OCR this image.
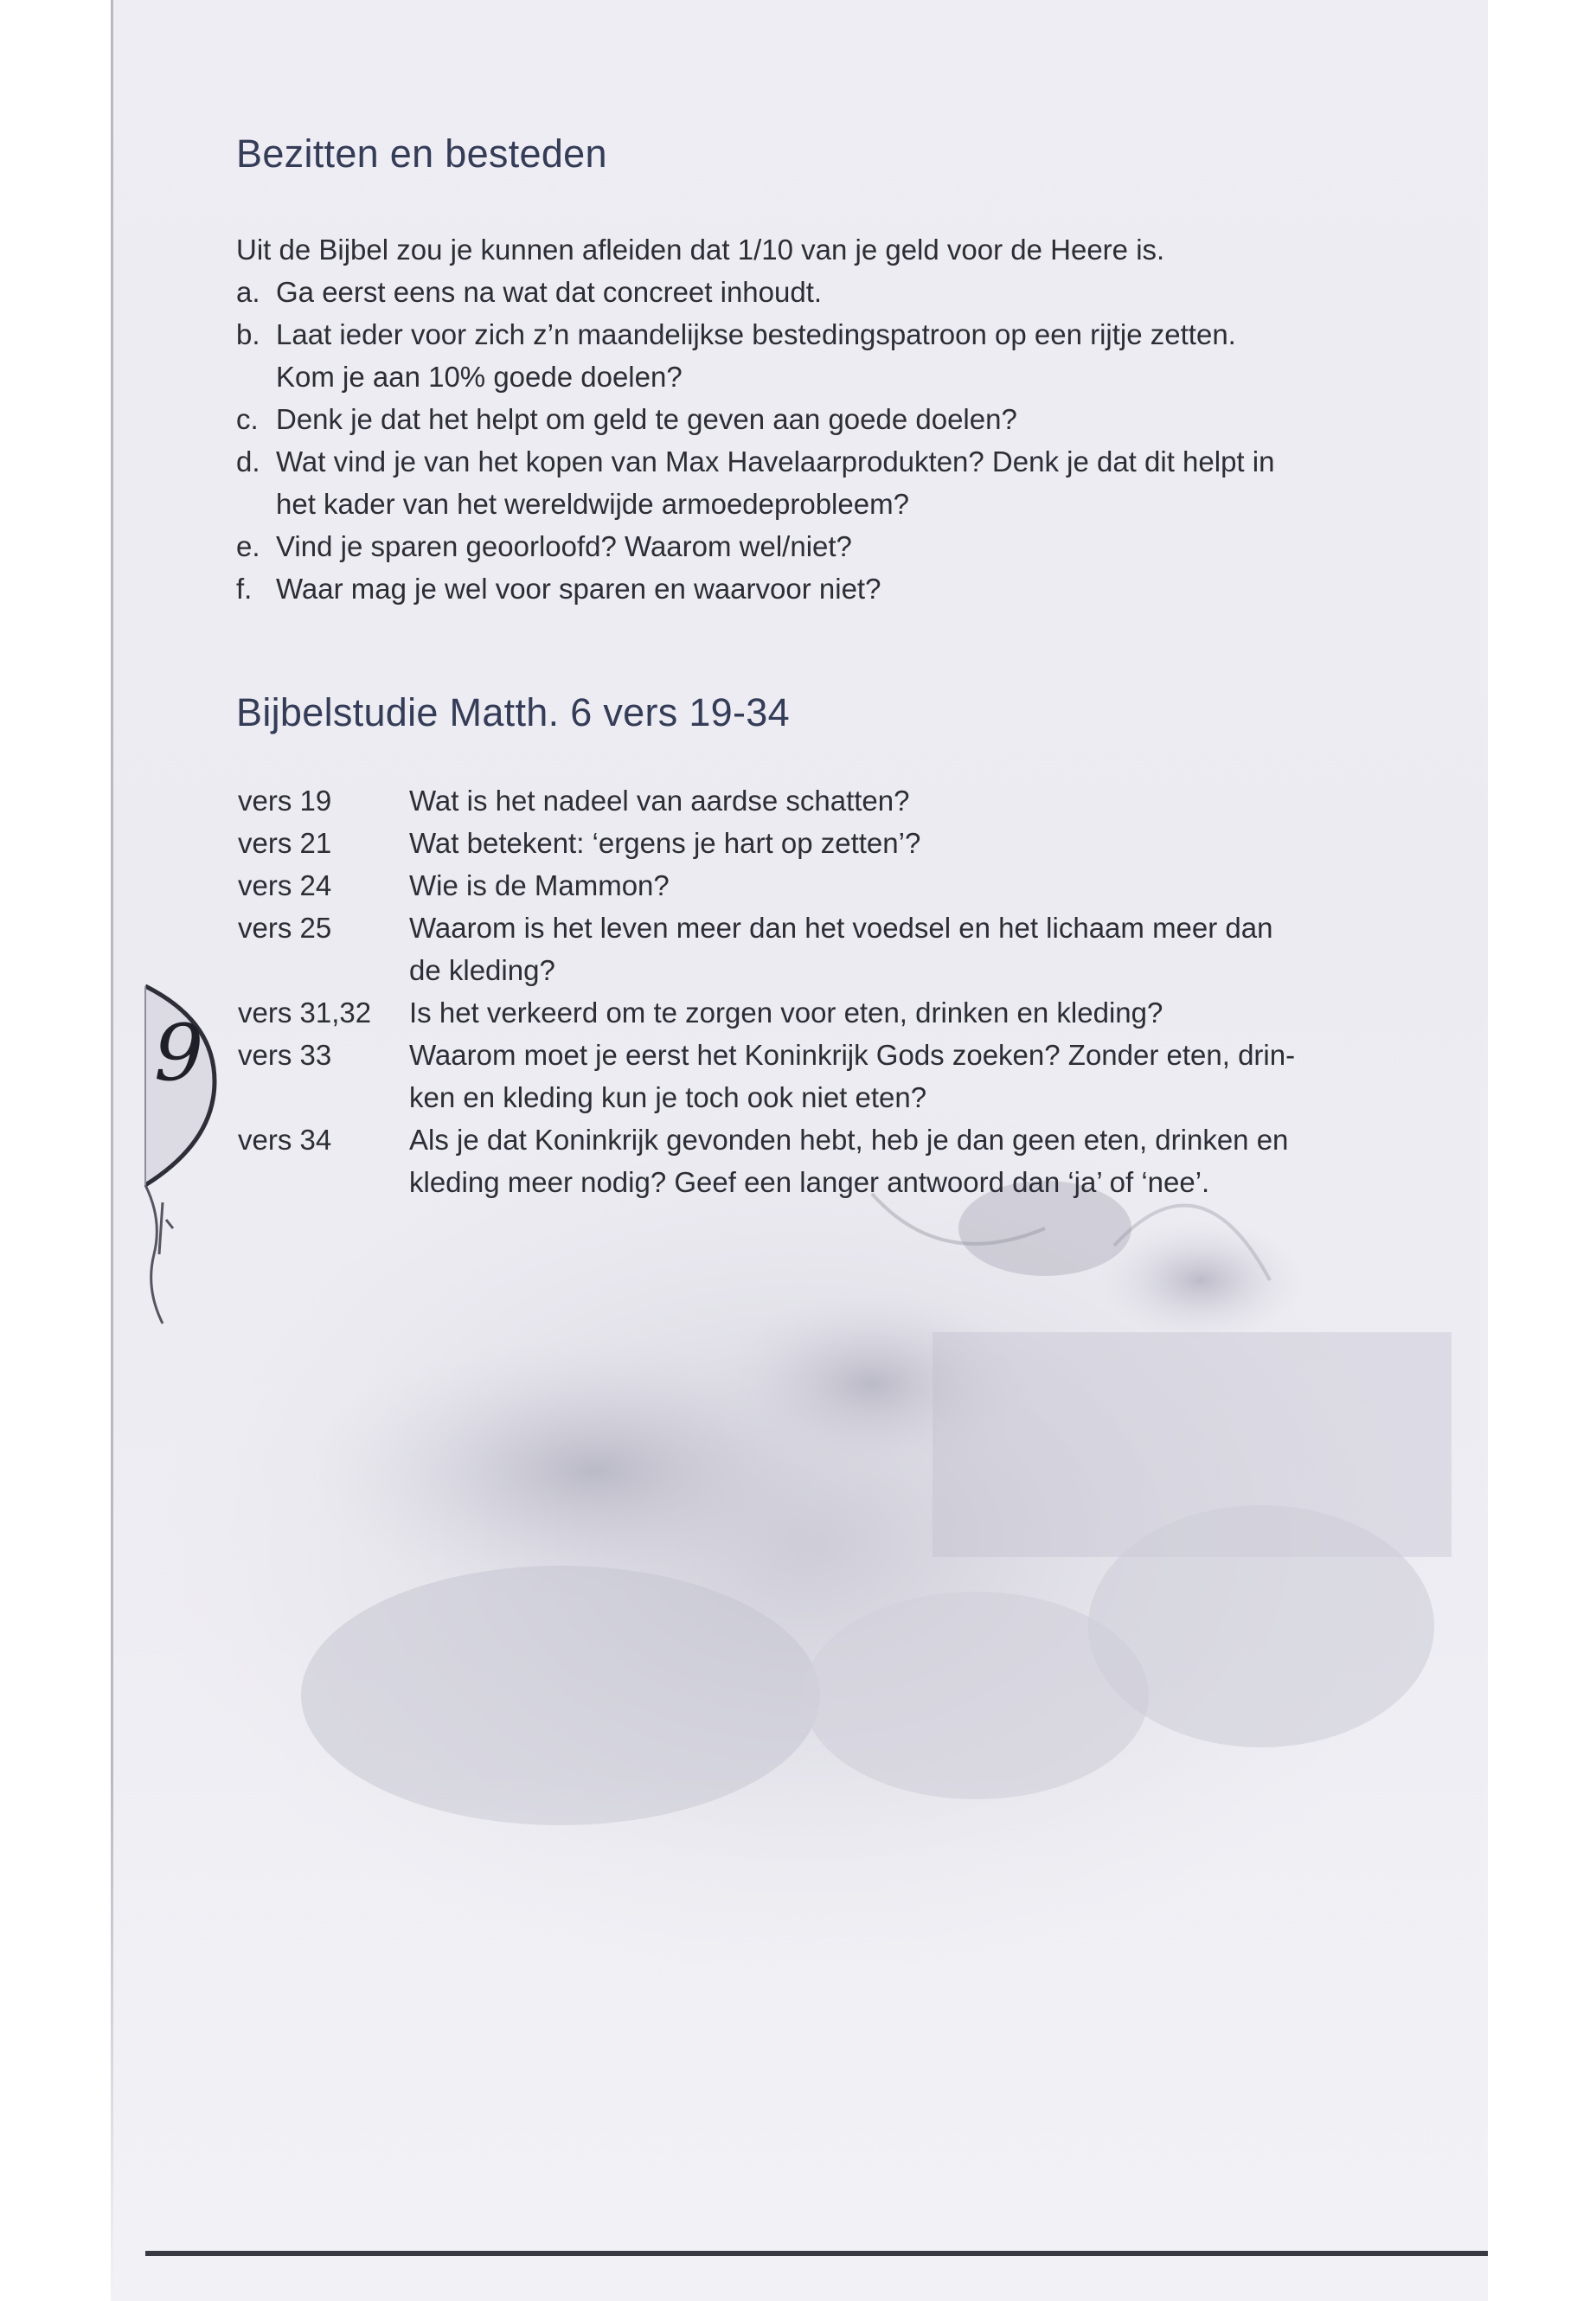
Bezitten en besteden
Uit de Bijbel zou je kunnen afleiden dat 1/10 van je geld voor de Heere is.
a. Ga eerst eens na wat dat concreet inhoudt.
b. Laat ieder voor zich z’n maandelijkse bestedingspatroon op een rijtje zetten.
Kom je aan 10% goede doelen?
c. Denk je dat het helpt om geld te geven aan goede doelen?
d. Wat vind je van het kopen van Max Havelaarprodukten? Denk je dat dit helpt in
het kader van het wereldwijde armoedeprobleem?
e. Vind je sparen geoorloofd? Waarom wel/niet?
f. Waar mag je wel voor sparen en waarvoor niet?
Bijbelstudie Matth. 6 vers 19-34
vers 19	Wat is het nadeel van aardse schatten?
vers 21	Wat betekent: ‘ergens je hart op zetten’?
vers 24	Wie is de Mammon?
vers 25	Waarom is het leven meer dan het voedsel en het lichaam meer dan
de kleding?
vers 31,32	Is het verkeerd om te zorgen voor eten, drinken en kleding?
vers 33	Waarom moet je eerst het Koninkrijk Gods zoeken? Zonder eten, drin-
ken en kleding kun je toch ook niet eten?
vers 34	Als je dat Koninkrijk gevonden hebt, heb je dan geen eten, drinken en
kleding meer nodig? Geef een langer antwoord dan ‘ja’ of ‘nee’.
9
